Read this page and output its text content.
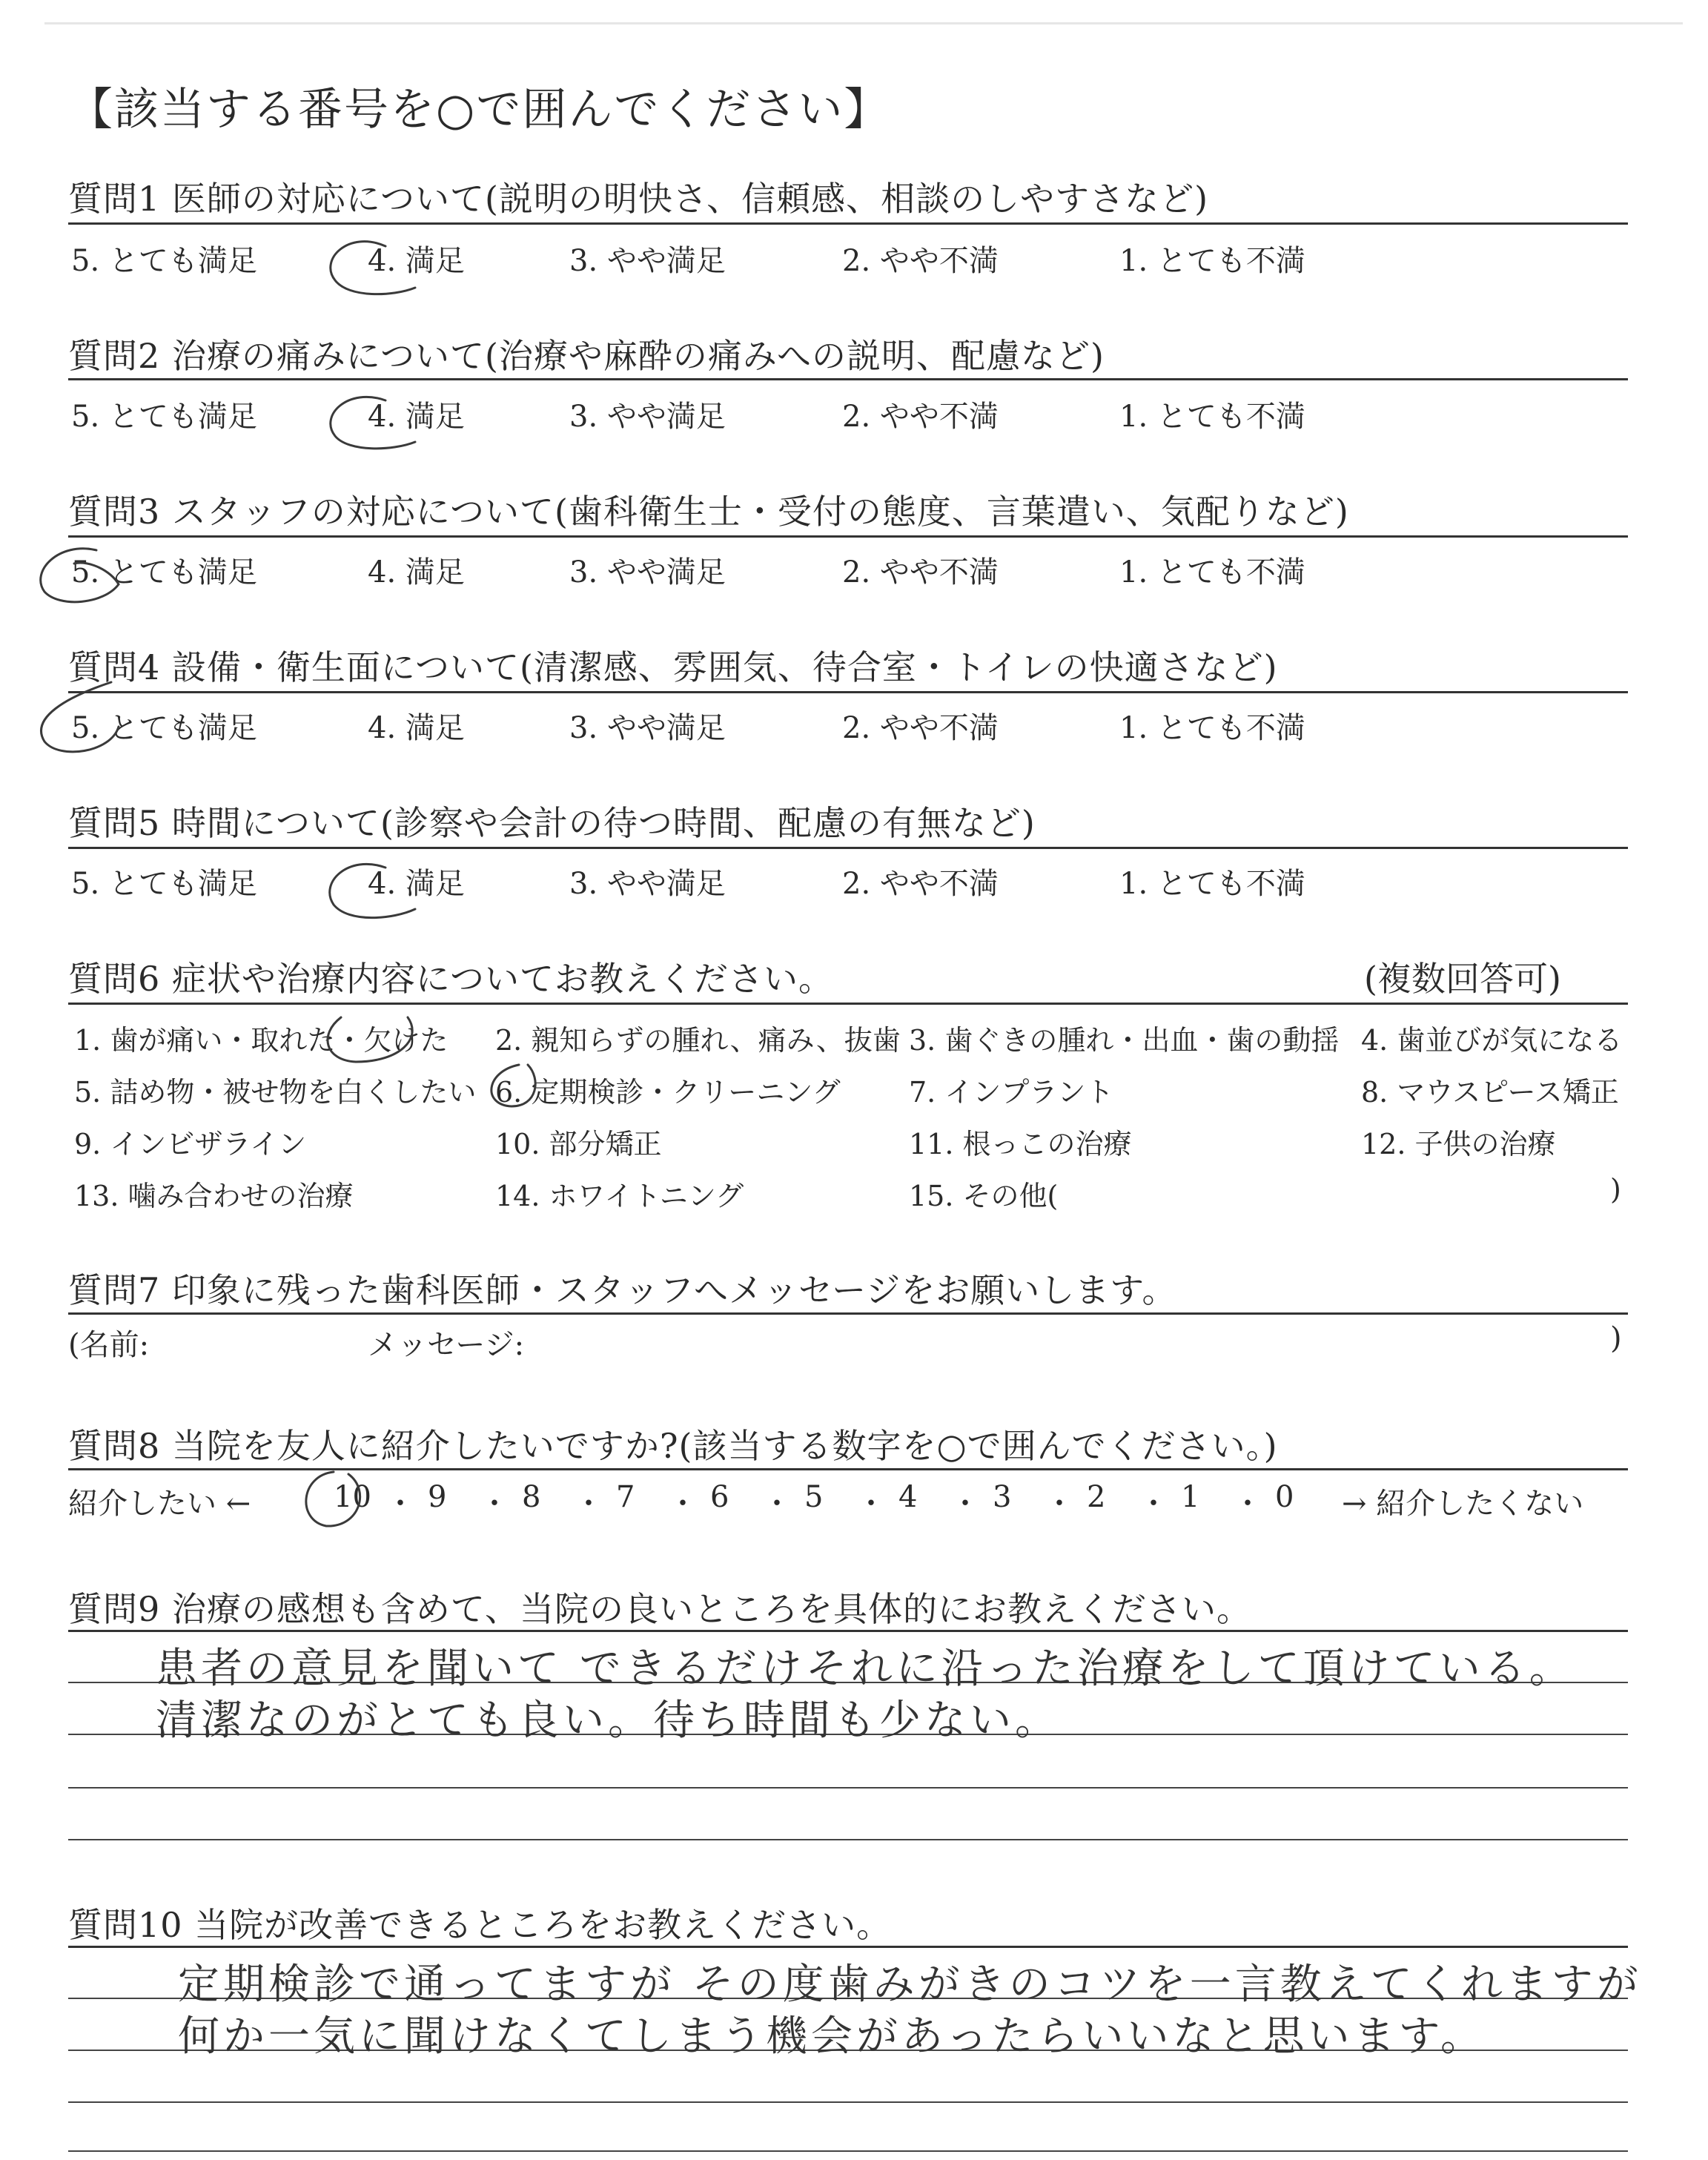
【該当する番号を○で囲んでください】
質問1 医師の対応について(説明の明快さ、信頼感、相談のしやすさなど)
5. とても満足	4. 満足	3. やや満足	2. やや不満	1. とても不満
質問2 治療の痛みについて(治療や麻酔の痛みへの説明、配慮など)
5. とても満足	4. 満足	3. やや満足	2. やや不満	1. とても不満
質問3 スタッフの対応について(歯科衛生士・受付の態度、言葉遣い、気配りなど)
5. とても満足	4. 満足	3. やや満足	2. やや不満	1. とても不満
質問4 設備・衛生面について(清潔感、雰囲気、待合室・トイレの快適さなど)
5. とても満足	4. 満足	3. やや満足	2. やや不満	1. とても不満
質問5 時間について(診察や会計の待つ時間、配慮の有無など)
5. とても満足	4. 満足	3. やや満足	2. やや不満	1. とても不満
質問6 症状や治療内容についてお教えください。	(複数回答可)
1. 歯が痛い・取れた・欠けた 2. 親知らずの腫れ、痛み、抜歯 3. 歯ぐきの腫れ・出血・歯の動揺 4. 歯並びが気になる
5. 詰め物・被せ物を白くしたい 6. 定期検診・クリーニング 7. インプラント	8. マウスピース矯正
9. インビザライン	10. 部分矯正	11. 根っこの治療	12. 子供の治療
13. 噛み合わせの治療	14. ホワイトニング	15. その他(	)
質問7 印象に残った歯科医師・スタッフへメッセージをお願いします。
(名前:	メッセージ:	)
質問8 当院を友人に紹介したいですか?(該当する数字を○で囲んでください。)
紹介したい ←	→ 紹介したくない
10 ・ 9 ・ 8 ・ 7 ・ 6 ・ 5 ・ 4 ・ 3 ・ 2 ・ 1 ・ 0
質問9 治療の感想も含めて、当院の良いところを具体的にお教えください。
患者の意見を聞いて できるだけそれに沿った治療をして頂けている。
清潔なのがとても良い。待ち時間も少ない。
質問10 当院が改善できるところをお教えください。
定期検診で通ってますが その度歯みがきのコツを一言教えてくれますが
何か一気に聞けなくてしまう機会があったらいいなと思います。
